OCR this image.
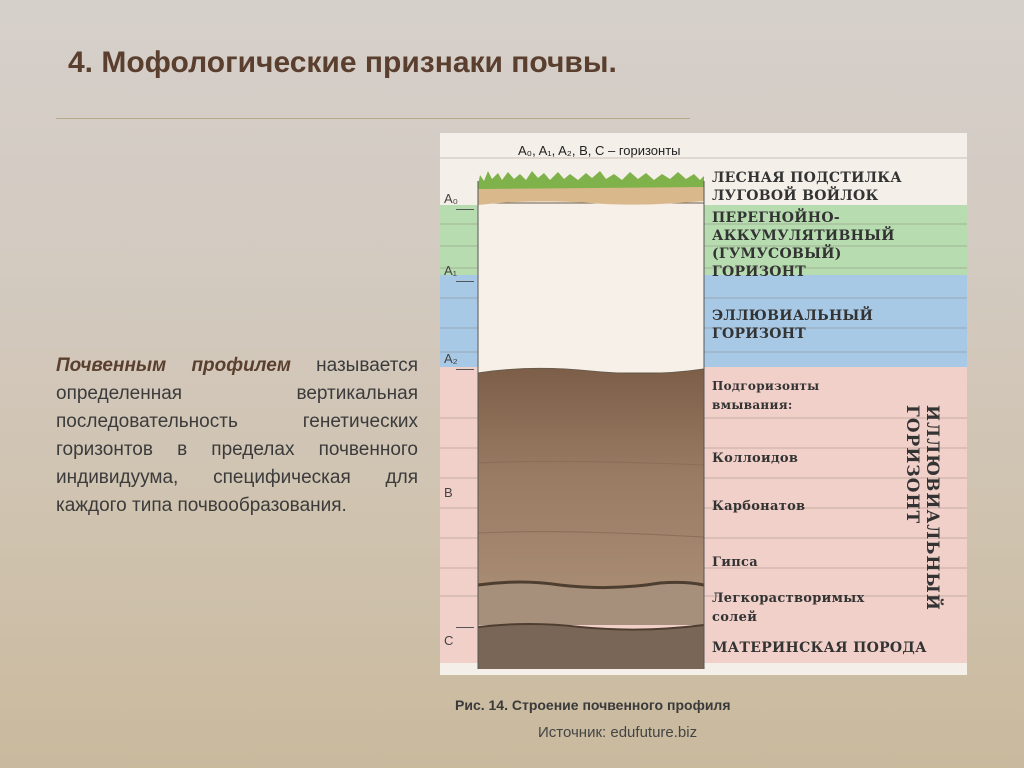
4. Мофологические признаки почвы.
Почвенным профилем называется определенная вертикальная последовательность генетических горизонтов в пределах почвенного индивидуума, специфическая для каждого типа почвообразования.
A₀
A₁
A₂
B
C
A₀, A₁, A₂, B, C – горизонты
ЛЕСНАЯ ПОДСТИЛКА
ЛУГОВОЙ ВОЙЛОК
ПЕРЕГНОЙНО-
АККУМУЛЯТИВНЫЙ
(ГУМУСОВЫЙ)
ГОРИЗОНТ
ЭЛЛЮВИАЛЬНЫЙ
ГОРИЗОНТ
Подгоризонты
вмывания:
Коллоидов
Карбонатов
Гипса
Легкорастворимых
солей
МАТЕРИНСКАЯ ПОРОДА
ИЛЛЮВИАЛЬНЫЙ ГОРИЗОНТ
Рис. 14. Строение почвенного профиля
Источник: edufuture.biz
